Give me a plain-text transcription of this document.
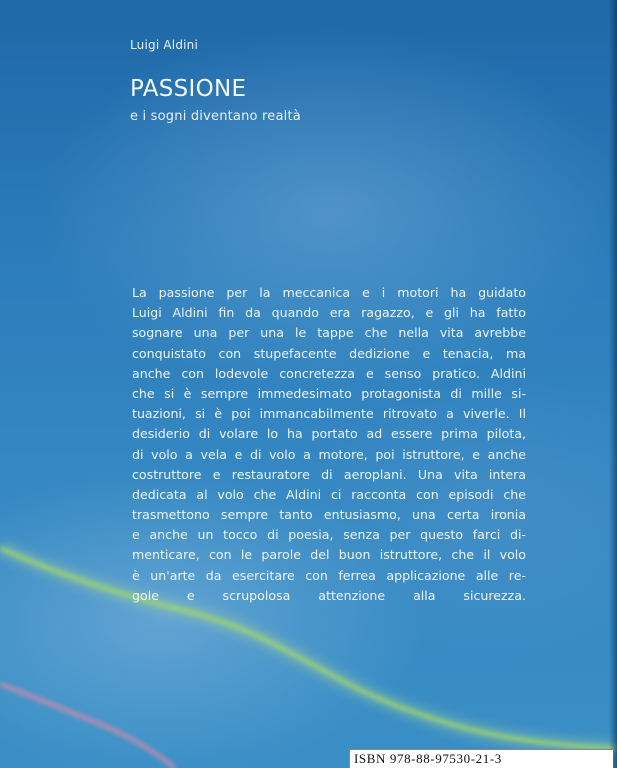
Luigi Aldini
PASSIONE
e i sogni diventano realtà

La passione per la meccanica e i motori ha guidato
Luigi Aldini fin da quando era ragazzo, e gli ha fatto
sognare una per una le tappe che nella vita avrebbe
conquistato con stupefacente dedizione e tenacia, ma
anche con lodevole concretezza e senso pratico. Aldini
che si è sempre immedesimato protagonista di mille si-
tuazioni, si è poi immancabilmente ritrovato a viverle. Il
desiderio di volare lo ha portato ad essere prima pilota,
di volo a vela e di volo a motore, poi istruttore, e anche
costruttore e restauratore di aeroplani. Una vita intera
dedicata al volo che Aldini ci racconta con episodi che
trasmettono sempre tanto entusiasmo, una certa ironia
e anche un tocco di poesia, senza per questo farci di-
menticare, con le parole del buon istruttore, che il volo
è un'arte da esercitare con ferrea applicazione alle re-
gole e scrupolosa attenzione alla sicurezza.

ISBN 978-88-97530-21-3
